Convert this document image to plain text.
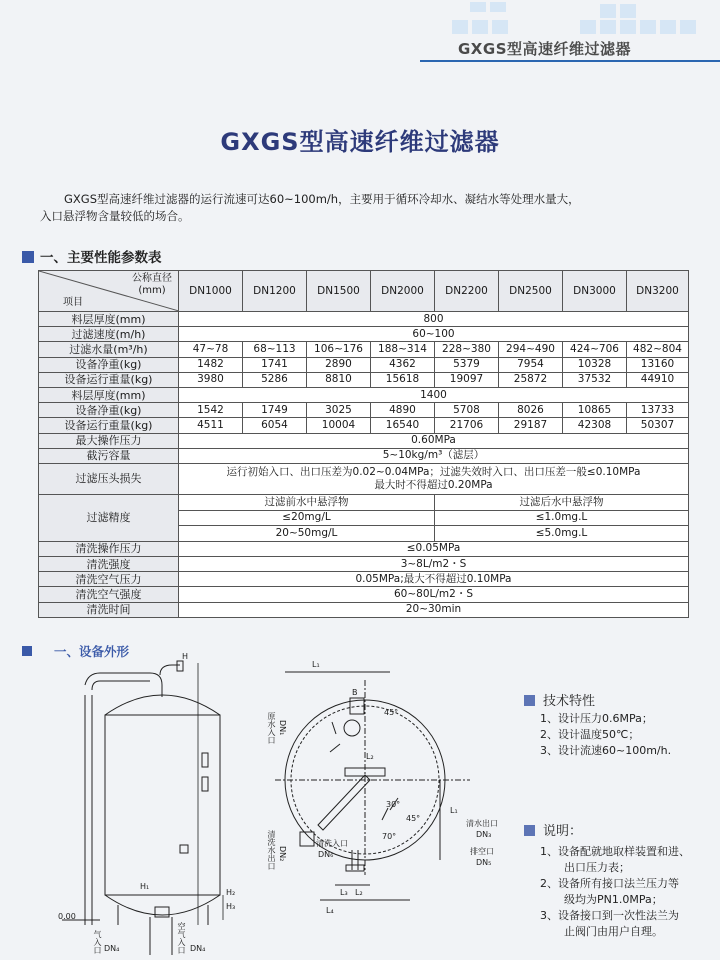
GXGS型高速纤维过滤器
GXGS型高速纤维过滤器

GXGS型高速纤维过滤器的运行流速可达60~100m/h，主要用于循环冷却水、凝结水等处理水量大，

入口悬浮物含量较低的场合。

一、主要性能参数表
公称直径
(mm)
项目	DN1000	DN1200	DN1500	DN2000	DN2200	DN2500	DN3000	DN3200
料层厚度(mm)	800							
过滤速度(m/h)	60~100							
过滤水量(m³/h)	47~78	68~113	106~176	188~314	228~380	294~490	424~706	482~804
设备净重(kg)	1482	1741	2890	4362	5379	7954	10328	13160
设备运行重量(kg)	3980	5286	8810	15618	19097	25872	37532	44910
料层厚度(mm)	1400							
设备净重(kg)	1542	1749	3025	4890	5708	8026	10865	13733
设备运行重量(kg)	4511	6054	10004	16540	21706	29187	42308	50307
最大操作压力	0.60MPa							
截污容量	5~10kg/m³（滤层）							
过滤压头损失	运行初始入口、出口压差为0.02~0.04MPa；过滤失效时入口、出口压差一般≤0.10MPa
最大时不得超过0.20MPa							

过滤精度	过滤前水中悬浮物				过滤后水中悬浮物			
	≤20mg/L				≤1.0mg.L			
	20~50mg/L				≤5.0mg.L			
清洗操作压力	≤0.05MPa							
清洗强度	3~8L/m2・S							
清洗空气压力	0.05MPa;最大不得超过0.10MPa							
清洗空气强度	60~80L/m2・S							
清洗时间	20~30min							
一、设备外形	H
H₁
H₂
H₃
0.00
气入口 DN₄	空气入口 DN₄
L₁
B
45°
L₂
30°
45°
70°
L₁
L₃ L₂
L₄
原水入口 DN₁
清洗水出口 DN₂
清洗入口
DN₆
清水出口
DN₃
排空口
DN₅
技术特性
1、设计压力0.6MPa；
2、设计温度50℃；
3、设计流速60~100m/h.
说明：
1、设备配就地取样装置和进、
出口压力表；
2、设备所有接口法兰压力等
级均为PN1.0MPa；
3、设备接口到一次性法兰为
止阀门由用户自理。
